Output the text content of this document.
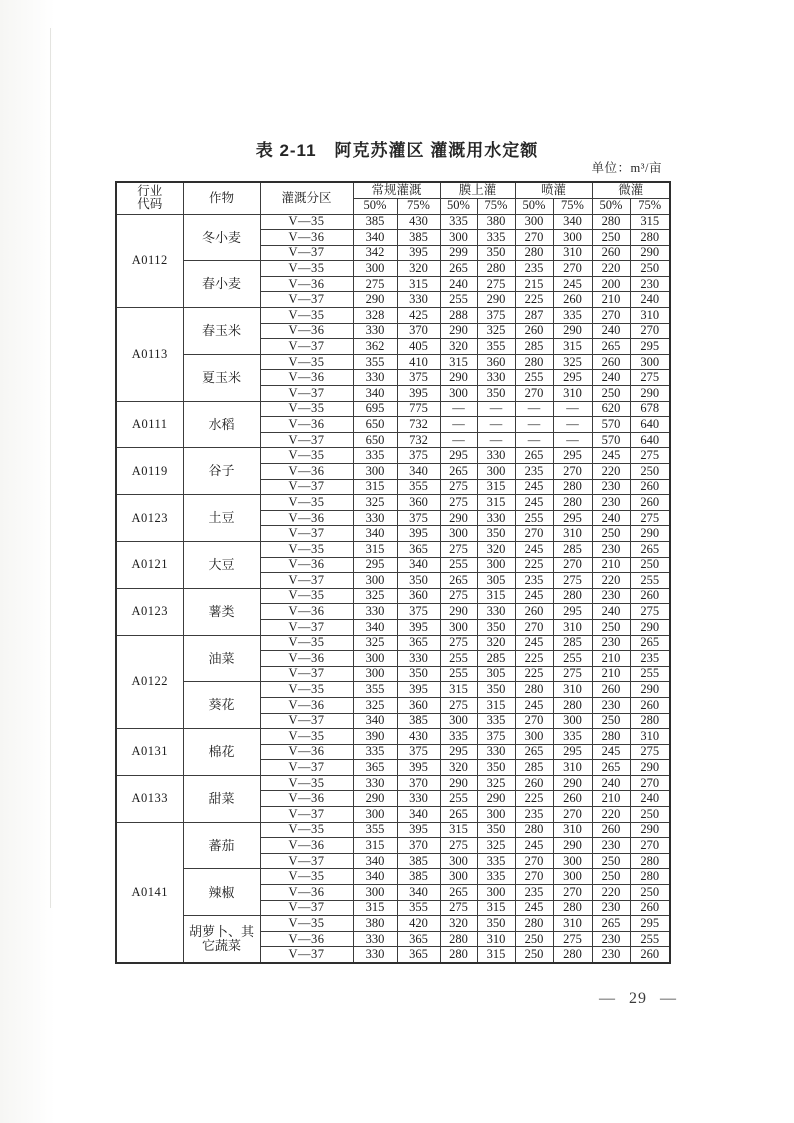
表 2-11　阿克苏灌区 灌溉用水定额
单位：m³/亩
行业
代码	作物	灌溉分区	常规灌溉		膜上灌		喷灌		微灌	
			50%	75%	50%	75%	50%	75%	50%	75%
A0112	冬小麦	V—35	385	430	335	380	300	340	280	315
		V—36	340	385	300	335	270	300	250	280
		V—37	342	395	299	350	280	310	260	290
	春小麦	V—35	300	320	265	280	235	270	220	250
		V—36	275	315	240	275	215	245	200	230
		V—37	290	330	255	290	225	260	210	240
A0113	春玉米	V—35	328	425	288	375	287	335	270	310
		V—36	330	370	290	325	260	290	240	270
		V—37	362	405	320	355	285	315	265	295
	夏玉米	V—35	355	410	315	360	280	325	260	300
		V—36	330	375	290	330	255	295	240	275
		V—37	340	395	300	350	270	310	250	290
A0111	水稻	V—35	695	775	—	—	—	—	620	678
		V—36	650	732	—	—	—	—	570	640
		V—37	650	732	—	—	—	—	570	640
A0119	谷子	V—35	335	375	295	330	265	295	245	275
		V—36	300	340	265	300	235	270	220	250
		V—37	315	355	275	315	245	280	230	260
A0123	土豆	V—35	325	360	275	315	245	280	230	260
		V—36	330	375	290	330	255	295	240	275
		V—37	340	395	300	350	270	310	250	290
A0121	大豆	V—35	315	365	275	320	245	285	230	265
		V—36	295	340	255	300	225	270	210	250
		V—37	300	350	265	305	235	275	220	255
A0123	薯类	V—35	325	360	275	315	245	280	230	260
		V—36	330	375	290	330	260	295	240	275
		V—37	340	395	300	350	270	310	250	290
A0122	油菜	V—35	325	365	275	320	245	285	230	265
		V—36	300	330	255	285	225	255	210	235
		V—37	300	350	255	305	225	275	210	255
	葵花	V—35	355	395	315	350	280	310	260	290
		V—36	325	360	275	315	245	280	230	260
		V—37	340	385	300	335	270	300	250	280
A0131	棉花	V—35	390	430	335	375	300	335	280	310
		V—36	335	375	295	330	265	295	245	275
		V—37	365	395	320	350	285	310	265	290
A0133	甜菜	V—35	330	370	290	325	260	290	240	270
		V—36	290	330	255	290	225	260	210	240
		V—37	300	340	265	300	235	270	220	250
A0141	蕃茄	V—35	355	395	315	350	280	310	260	290
		V—36	315	370	275	325	245	290	230	270
		V—37	340	385	300	335	270	300	250	280
	辣椒	V—35	340	385	300	335	270	300	250	280
		V—36	300	340	265	300	235	270	220	250
		V—37	315	355	275	315	245	280	230	260
	胡萝卜、其它蔬菜	V—35	380	420	320	350	280	310	265	295
		V—36	330	365	280	310	250	275	230	255
		V—37	330	365	280	315	250	280	230	260
— 29 —
